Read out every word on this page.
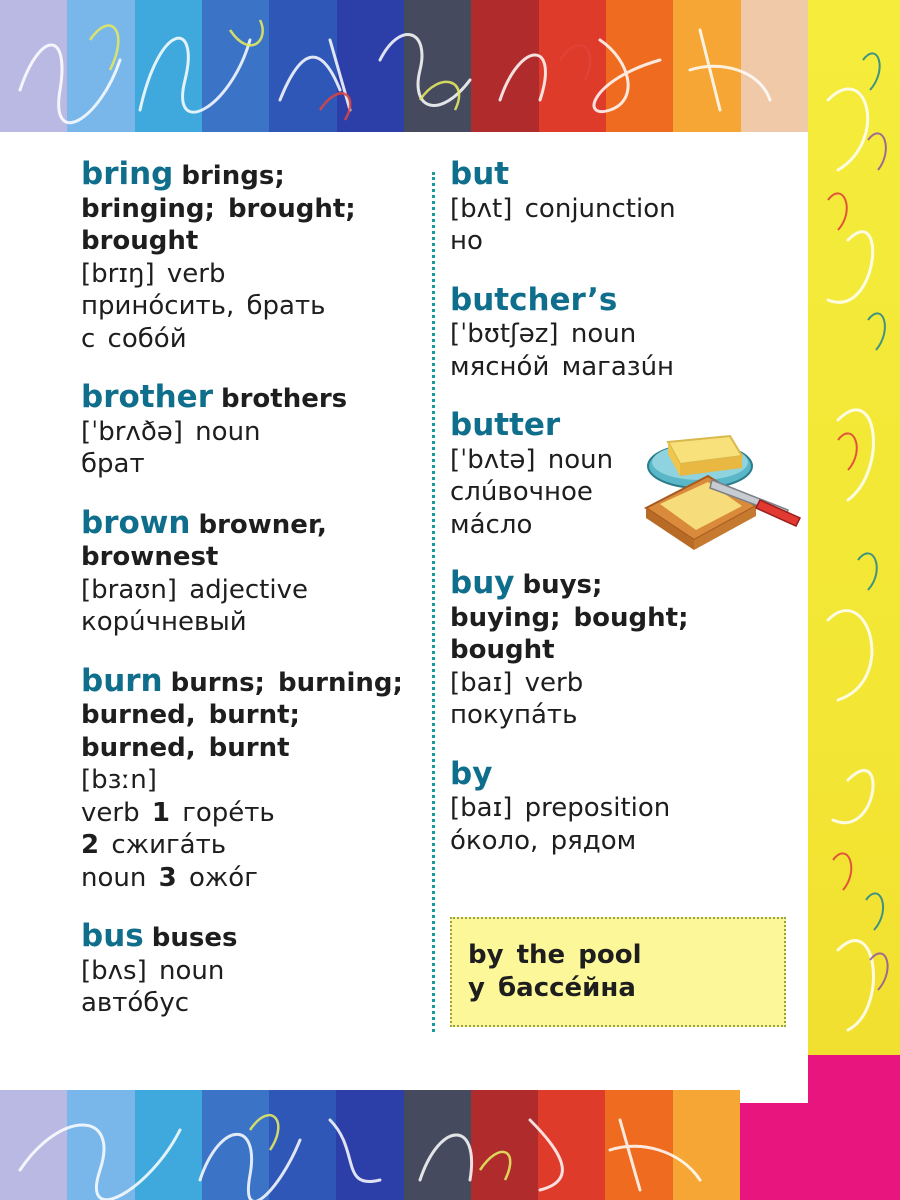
bring brings;
bringing; brought;
brought
[brɪŋ] verb
принóсить, брать
с собóй
brother brothers
[ˈbrʌðə] noun
брат
brown browner,
brownest
[braʊn] adjective
корúчневый
burn burns; burning;
burned, burnt;
burned, burnt
[bɜːn]
verb 1 горéть
2 сжигáть
noun 3 ожóг
bus buses
[bʌs] noun
автóбус
but
[bʌt] conjunction
но
butcher’s
[ˈbʊtʃəz] noun
мяснóй магазúн
butter
[ˈbʌtə] noun
слúвочное
мáсло
buy buys;
buying; bought;
bought
[baɪ] verb
покупáть
by
[baɪ] preposition
óколо, рядом
by the pool
у бассéйна
